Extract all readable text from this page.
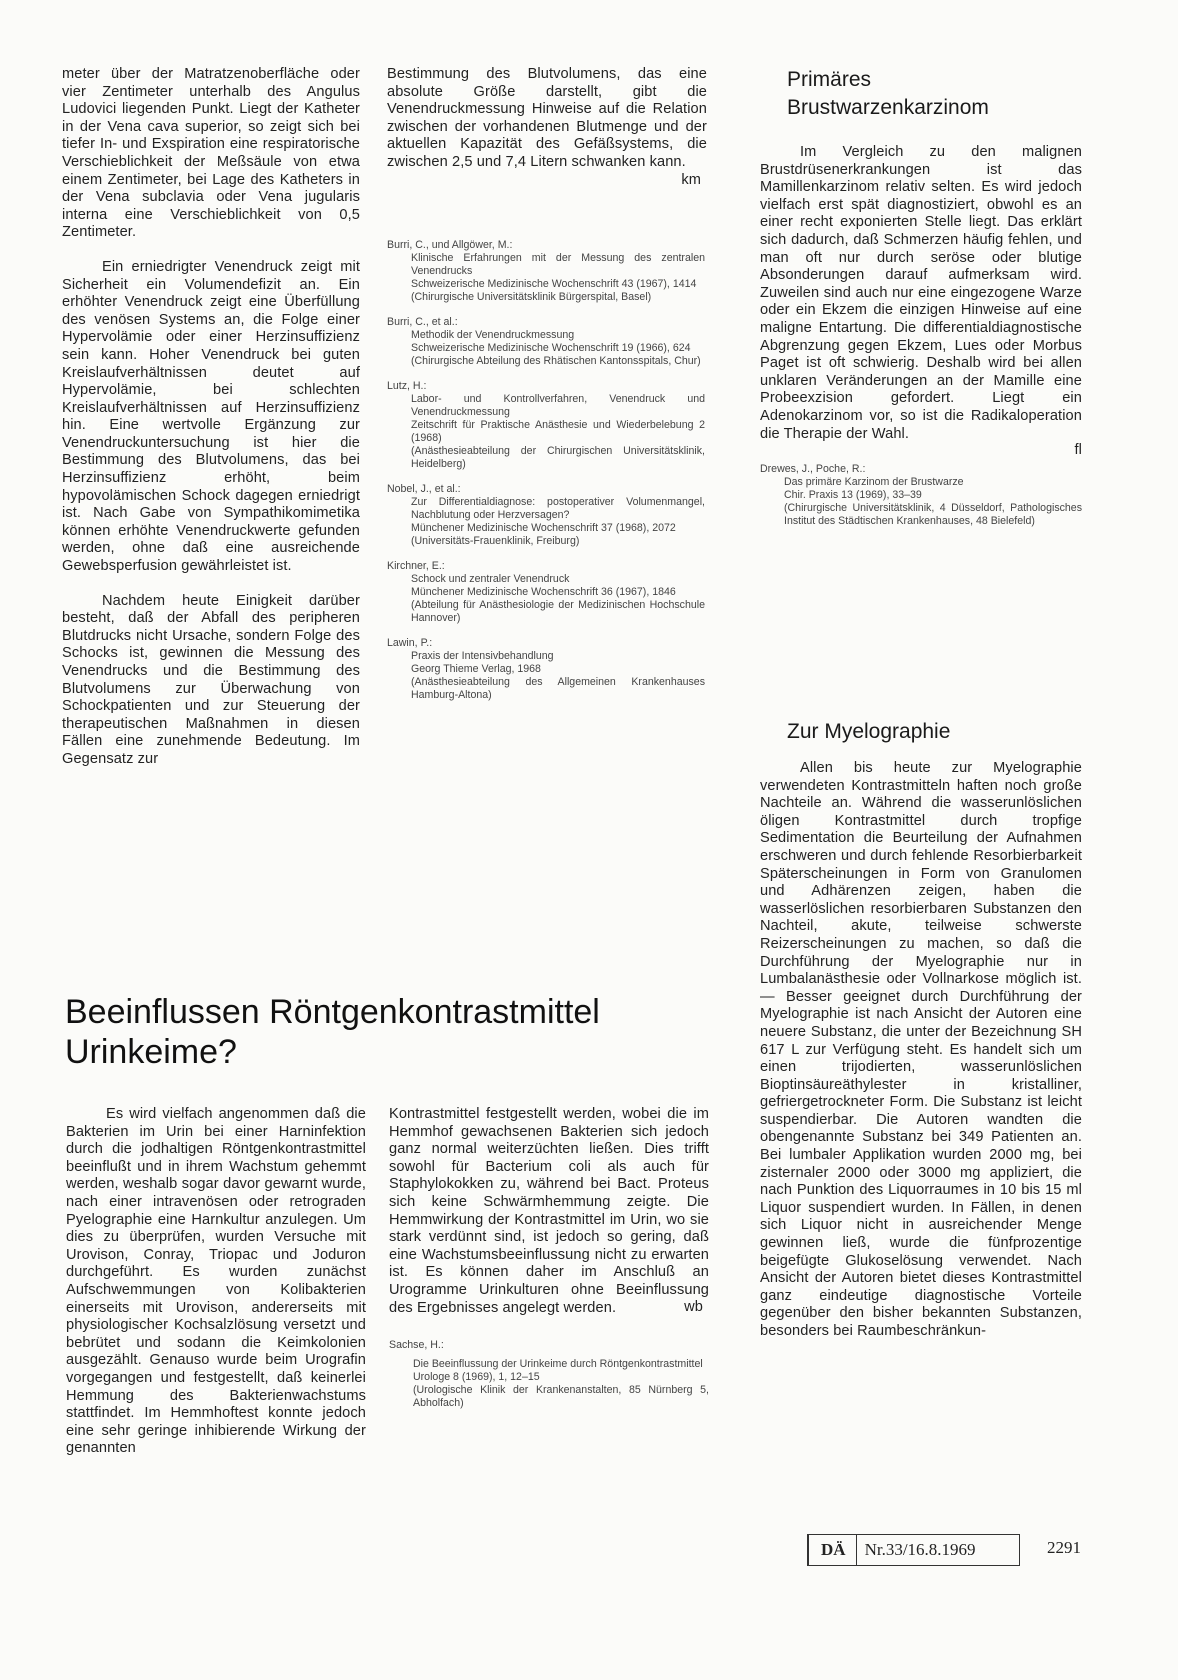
meter über der Matratzenoberfläche oder vier Zentimeter unterhalb des Angulus Ludovici liegenden Punkt. Liegt der Katheter in der Vena cava superior, so zeigt sich bei tiefer In- und Exspiration eine respiratorische Verschieblichkeit der Meßsäule von etwa einem Zentimeter, bei Lage des Katheters in der Vena subclavia oder Vena jugularis interna eine Verschieblichkeit von 0,5 Zentimeter.

Ein erniedrigter Venendruck zeigt mit Sicherheit ein Volumendefizit an. Ein erhöhter Venendruck zeigt eine Überfüllung des venösen Systems an, die Folge einer Hypervolämie oder einer Herzinsuffizienz sein kann. Hoher Venendruck bei guten Kreislaufverhältnissen deutet auf Hypervolämie, bei schlechten Kreislaufverhältnissen auf Herzinsuffizienz hin. Eine wertvolle Ergänzung zur Venendruckuntersuchung ist hier die Bestimmung des Blutvolumens, das bei Herzinsuffizienz erhöht, beim hypovolämischen Schock dagegen erniedrigt ist. Nach Gabe von Sympathikomimetika können erhöhte Venendruckwerte gefunden werden, ohne daß eine ausreichende Gewebsperfusion gewährleistet ist.

Nachdem heute Einigkeit darüber besteht, daß der Abfall des peripheren Blutdrucks nicht Ursache, sondern Folge des Schocks ist, gewinnen die Messung des Venendrucks und die Bestimmung des Blutvolumens zur Überwachung von Schockpatienten und zur Steuerung der therapeutischen Maßnahmen in diesen Fällen eine zunehmende Bedeutung. Im Gegensatz zur

Bestimmung des Blutvolumens, das eine absolute Größe darstellt, gibt die Venendruckmessung Hinweise auf die Relation zwischen der vorhandenen Blutmenge und der aktuellen Kapazität des Gefäßsystems, die zwischen 2,5 und 7,4 Litern schwanken kann.
km

Burri, C., und Allgöwer, M.:
Klinische Erfahrungen mit der Messung des zentralen Venendrucks
Schweizerische Medizinische Wochenschrift 43 (1967), 1414
(Chirurgische Universitätsklinik Bürgerspital, Basel)
Burri, C., et al.:
Methodik der Venendruckmessung
Schweizerische Medizinische Wochenschrift 19 (1966), 624
(Chirurgische Abteilung des Rhätischen Kantonsspitals, Chur)
Lutz, H.:
Labor- und Kontrollverfahren, Venendruck und Venendruckmessung
Zeitschrift für Praktische Anästhesie und Wiederbelebung 2 (1968)
(Anästhesieabteilung der Chirurgischen Universitätsklinik, Heidelberg)
Nobel, J., et al.:
Zur Differentialdiagnose: postoperativer Volumenmangel, Nachblutung oder Herzversagen?
Münchener Medizinische Wochenschrift 37 (1968), 2072
(Universitäts-Frauenklinik, Freiburg)
Kirchner, E.:
Schock und zentraler Venendruck
Münchener Medizinische Wochenschrift 36 (1967), 1846
(Abteilung für Anästhesiologie der Medizinischen Hochschule Hannover)
Lawin, P.:
Praxis der Intensivbehandlung
Georg Thieme Verlag, 1968
(Anästhesieabteilung des Allgemeinen Krankenhauses Hamburg-Altona)
Primäres
Brustwarzenkarzinom

Im Vergleich zu den malignen Brustdrüsenerkrankungen ist das Mamillenkarzinom relativ selten. Es wird jedoch vielfach erst spät diagnostiziert, obwohl es an einer recht exponierten Stelle liegt. Das erklärt sich dadurch, daß Schmerzen häufig fehlen, und man oft nur durch seröse oder blutige Absonderungen darauf aufmerksam wird. Zuweilen sind auch nur eine eingezogene Warze oder ein Ekzem die einzigen Hinweise auf eine maligne Entartung. Die differentialdiagnostische Abgrenzung gegen Ekzem, Lues oder Morbus Paget ist oft schwierig. Deshalb wird bei allen unklaren Veränderungen an der Mamille eine Probeexzision gefordert. Liegt ein Adenokarzinom vor, so ist die Radikaloperation die Therapie der Wahl.

fl

Drewes, J., Poche, R.:
Das primäre Karzinom der Brustwarze
Chir. Praxis 13 (1969), 33–39
(Chirurgische Universitätsklinik, 4 Düsseldorf, Pathologisches Institut des Städtischen Krankenhauses, 48 Bielefeld)
Zur Myelographie

Allen bis heute zur Myelographie verwendeten Kontrastmitteln haften noch große Nachteile an. Während die wasserunlöslichen öligen Kontrastmittel durch tropfige Sedimentation die Beurteilung der Aufnahmen erschweren und durch fehlende Resorbierbarkeit Späterscheinungen in Form von Granulomen und Adhärenzen zeigen, haben die wasserlöslichen resorbierbaren Substanzen den Nachteil, akute, teilweise schwerste Reizerscheinungen zu machen, so daß die Durchführung der Myelographie nur in Lumbalanästhesie oder Vollnarkose möglich ist. — Besser geeignet durch Durchführung der Myelographie ist nach Ansicht der Autoren eine neuere Substanz, die unter der Bezeichnung SH 617 L zur Verfügung steht. Es handelt sich um einen trijodierten, wasserunlöslichen Bioptinsäureäthylester in kristalliner, gefriergetrockneter Form. Die Substanz ist leicht suspendierbar. Die Autoren wandten die obengenannte Substanz bei 349 Patienten an. Bei lumbaler Applikation wurden 2000 mg, bei zisternaler 2000 oder 3000 mg appliziert, die nach Punktion des Liquorraumes in 10 bis 15 ml Liquor suspendiert wurden. In Fällen, in denen sich Liquor nicht in ausreichender Menge gewinnen ließ, wurde die fünfprozentige beigefügte Glukoselösung verwendet. Nach Ansicht der Autoren bietet dieses Kontrastmittel ganz eindeutige diagnostische Vorteile gegenüber den bisher bekannten Substanzen, besonders bei Raumbeschränkun-

Beeinflussen Röntgenkontrastmittel
Urinkeime?

Es wird vielfach angenommen daß die Bakterien im Urin bei einer Harninfektion durch die jodhaltigen Röntgenkontrastmittel beeinflußt und in ihrem Wachstum gehemmt werden, weshalb sogar davor gewarnt wurde, nach einer intravenösen oder retrograden Pyelographie eine Harnkultur anzulegen. Um dies zu überprüfen, wurden Versuche mit Urovison, Conray, Triopac und Joduron durchgeführt. Es wurden zunächst Aufschwemmungen von Kolibakterien einerseits mit Urovison, andererseits mit physiologischer Kochsalzlösung versetzt und bebrütet und sodann die Keimkolonien ausgezählt. Genauso wurde beim Urografin vorgegangen und festgestellt, daß keinerlei Hemmung des Bakterienwachstums stattfindet. Im Hemmhoftest konnte jedoch eine sehr geringe inhibierende Wirkung der genannten

Kontrastmittel festgestellt werden, wobei die im Hemmhof gewachsenen Bakterien sich jedoch ganz normal weiterzüchten ließen. Dies trifft sowohl für Bacterium coli als auch für Staphylokokken zu, während bei Bact. Proteus sich keine Schwärmhemmung zeigte. Die Hemmwirkung der Kontrastmittel im Urin, wo sie stark verdünnt sind, ist jedoch so gering, daß eine Wachstumsbeeinflussung nicht zu erwarten ist. Es können daher im Anschluß an Urogramme Urinkulturen ohne Beeinflussung des Ergebnisses angelegt werden.	wb

Sachse, H.:
Die Beeinflussung der Urinkeime durch Röntgenkontrastmittel
Urologe 8 (1969), 1, 12–15
(Urologische Klinik der Krankenanstalten, 85 Nürnberg 5, Abholfach)
DÄ	Nr.33/16.8.1969	2291
